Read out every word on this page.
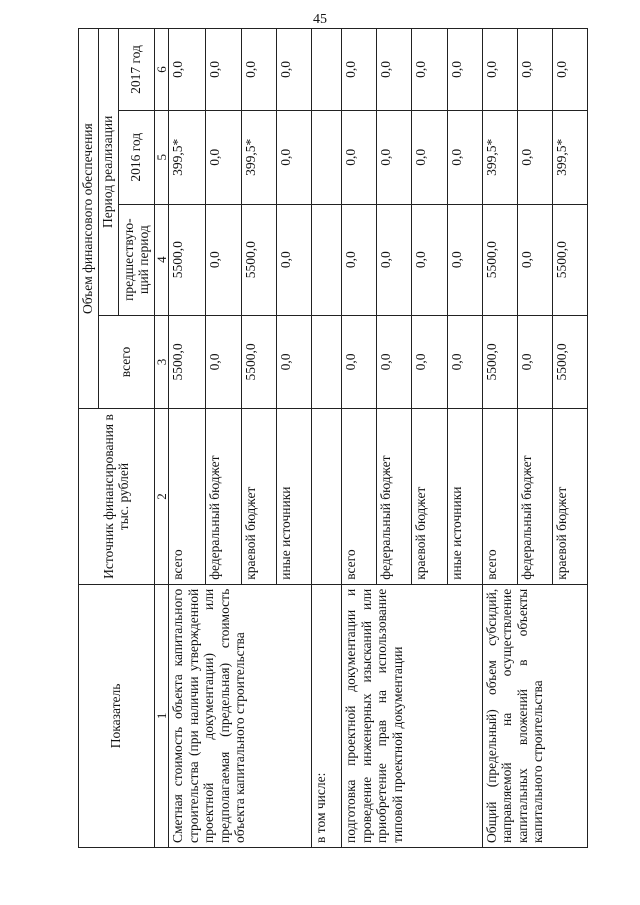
45
Показатель	Источник финансирования в тыс. рублей	Объем финансового обеспечения			
		всего	Период реализации		
			предшествую-щий период	2016 год	2017 год
1	2	3	4	5	6
Сметная стоимость объекта капитального строительства (при наличии утвержденной проектной документации) или предполагаемая (предельная) стоимость объекта капитального строительства	всего	5500,0	5500,0	399,5*	0,0
	федеральный бюджет	0,0	0,0	0,0	0,0
	краевой бюджет	5500,0	5500,0	399,5*	0,0
	иные источники	0,0	0,0	0,0	0,0
в том числе:					
подготовка проектной документации и проведение инженерных изысканий или приобретение прав на использование типовой проектной документации	всего	0,0	0,0	0,0	0,0
	федеральный бюджет	0,0	0,0	0,0	0,0
	краевой бюджет	0,0	0,0	0,0	0,0
	иные источники	0,0	0,0	0,0	0,0
Общий (предельный) объем субсидий, направляемой на осуществление капитальных вложений в объекты капитального строительства	всего	5500,0	5500,0	399,5*	0,0
	федеральный бюджет	0,0	0,0	0,0	0,0
	краевой бюджет	5500,0	5500,0	399,5*	0,0
